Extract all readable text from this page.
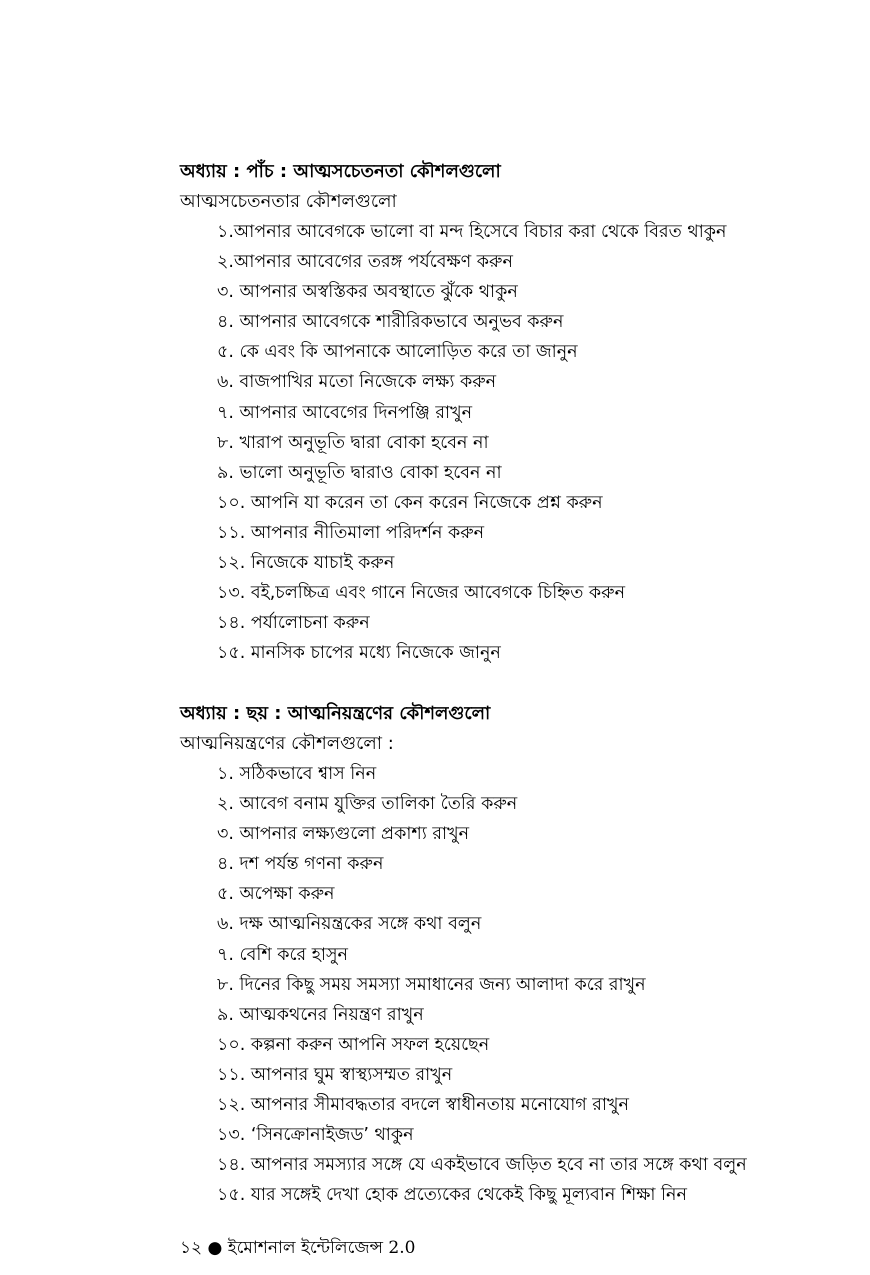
অধ্যায় : পাঁচ : আত্মসচেতনতা কৌশলগুলো
আত্মসচেতনতার কৌশলগুলো
১.আপনার আবেগকে ভালো বা মন্দ হিসেবে বিচার করা থেকে বিরত থাকুন
২.আপনার আবেগের তরঙ্গ পর্যবেক্ষণ করুন
৩. আপনার অস্বস্তিকর অবস্থাতে ঝুঁকে থাকুন
৪. আপনার আবেগকে শারীরিকভাবে অনুভব করুন
৫. কে এবং কি আপনাকে আলোড়িত করে তা জানুন
৬. বাজপাখির মতো নিজেকে লক্ষ্য করুন
৭. আপনার আবেগের দিনপঞ্জি রাখুন
৮. খারাপ অনুভূতি দ্বারা বোকা হবেন না
৯. ভালো অনুভূতি দ্বারাও বোকা হবেন না
১০. আপনি যা করেন তা কেন করেন নিজেকে প্রশ্ন করুন
১১. আপনার নীতিমালা পরিদর্শন করুন
১২. নিজেকে যাচাই করুন
১৩. বই,চলচ্চিত্র এবং গানে নিজের আবেগকে চিহ্নিত করুন
১৪. পর্যালোচনা করুন
১৫. মানসিক চাপের মধ্যে নিজেকে জানুন
অধ্যায় : ছয় : আত্মনিয়ন্ত্রণের কৌশলগুলো
আত্মনিয়ন্ত্রণের কৌশলগুলো :
১. সঠিকভাবে শ্বাস নিন
২. আবেগ বনাম যুক্তির তালিকা তৈরি করুন
৩. আপনার লক্ষ্যগুলো প্রকাশ্য রাখুন
৪. দশ পর্যন্ত গণনা করুন
৫. অপেক্ষা করুন
৬. দক্ষ আত্মনিয়ন্ত্রকের সঙ্গে কথা বলুন
৭. বেশি করে হাসুন
৮. দিনের কিছু সময় সমস্যা সমাধানের জন্য আলাদা করে রাখুন
৯. আত্মকথনের নিয়ন্ত্রণ রাখুন
১০. কল্পনা করুন আপনি সফল হয়েছেন
১১. আপনার ঘুম স্বাস্থ্যসম্মত রাখুন
১২. আপনার সীমাবদ্ধতার বদলে স্বাধীনতায় মনোযোগ রাখুন
১৩. ‘সিনক্রোনাইজড’ থাকুন
১৪. আপনার সমস্যার সঙ্গে যে একইভাবে জড়িত হবে না তার সঙ্গে কথা বলুন
১৫. যার সঙ্গেই দেখা হোক প্রত্যেকের থেকেই কিছু মূল্যবান শিক্ষা নিন
১২ ● ইমোশনাল ইন্টেলিজেন্স 2.0
